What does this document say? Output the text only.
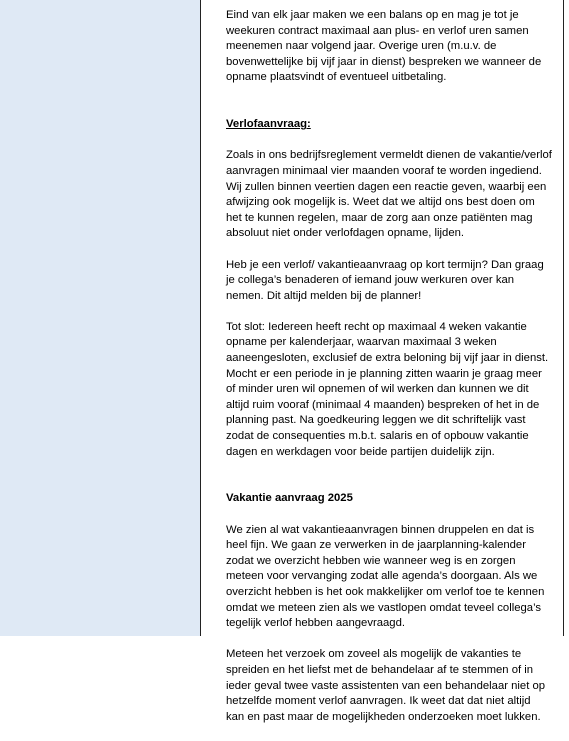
Eind van elk jaar maken we een balans op en mag je tot je
weekuren contract maximaal aan plus- en verlof uren samen
meenemen naar volgend jaar. Overige uren (m.u.v. de
bovenwettelijke bij vijf jaar in dienst) bespreken we wanneer de
opname plaatsvindt of eventueel uitbetaling.

Verlofaanvraag:

Zoals in ons bedrijfsreglement vermeldt dienen de vakantie/verlof
aanvragen minimaal vier maanden vooraf te worden ingediend.
Wij zullen binnen veertien dagen een reactie geven, waarbij een
afwijzing ook mogelijk is. Weet dat we altijd ons best doen om
het te kunnen regelen, maar de zorg aan onze patiënten mag
absoluut niet onder verlofdagen opname, lijden.

Heb je een verlof/ vakantieaanvraag op kort termijn? Dan graag
je collega’s benaderen of iemand jouw werkuren over kan
nemen. Dit altijd melden bij de planner!

Tot slot: Iedereen heeft recht op maximaal 4 weken vakantie
opname per kalenderjaar, waarvan maximaal 3 weken
aaneengesloten, exclusief de extra beloning bij vijf jaar in dienst.
Mocht er een periode in je planning zitten waarin je graag meer
of minder uren wil opnemen of wil werken dan kunnen we dit
altijd ruim vooraf (minimaal 4 maanden) bespreken of het in de
planning past. Na goedkeuring leggen we dit schriftelijk vast
zodat de consequenties m.b.t. salaris en of opbouw vakantie
dagen en werkdagen voor beide partijen duidelijk zijn.

Vakantie aanvraag 2025

We zien al wat vakantieaanvragen binnen druppelen en dat is
heel fijn. We gaan ze verwerken in de jaarplanning-kalender
zodat we overzicht hebben wie wanneer weg is en zorgen
meteen voor vervanging zodat alle agenda’s doorgaan. Als we
overzicht hebben is het ook makkelijker om verlof toe te kennen
omdat we meteen zien als we vastlopen omdat teveel collega’s
tegelijk verlof hebben aangevraagd.

Meteen het verzoek om zoveel als mogelijk de vakanties te
spreiden en het liefst met de behandelaar af te stemmen of in
ieder geval twee vaste assistenten van een behandelaar niet op
hetzelfde moment verlof aanvragen. Ik weet dat dat niet altijd
kan en past maar de mogelijkheden onderzoeken moet lukken.
